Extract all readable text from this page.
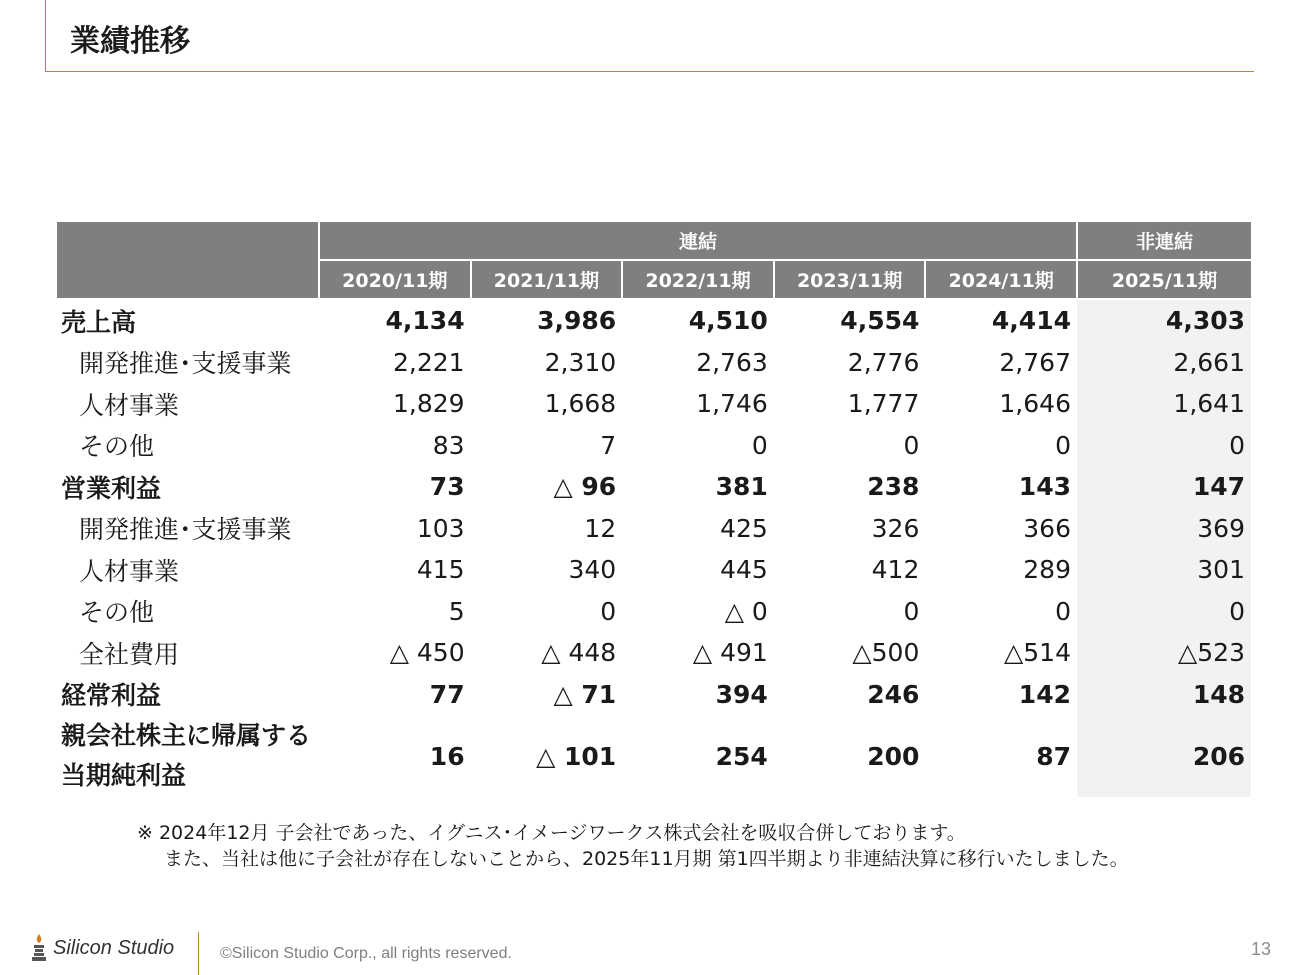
業績推移
	連結					非連結
	2020/11期	2021/11期	2022/11期	2023/11期	2024/11期	2025/11期
売上高	4,134	3,986	4,510	4,554	4,414	4,303
開発推進･支援事業	2,221	2,310	2,763	2,776	2,767	2,661
人材事業	1,829	1,668	1,746	1,777	1,646	1,641
その他	83	7	0	0	0	0
営業利益	73	△ 96	381	238	143	147
開発推進･支援事業	103	12	425	326	366	369
人材事業	415	340	445	412	289	301
その他	5	0	△ 0	0	0	0
全社費用	△ 450	△ 448	△ 491	△500	△514	△523
経常利益	77	△ 71	394	246	142	148

親会社株主に帰属する
当期純利益	16	△ 101	254	200	87	206
※ 2024年12月 子会社であった、イグニス･イメージワークス株式会社を吸収合併しております。
また、当社は他に子会社が存在しないことから、2025年11月期 第1四半期より非連結決算に移行いたしました。
Silicon Studio	©Silicon Studio Corp., all rights reserved.	13
